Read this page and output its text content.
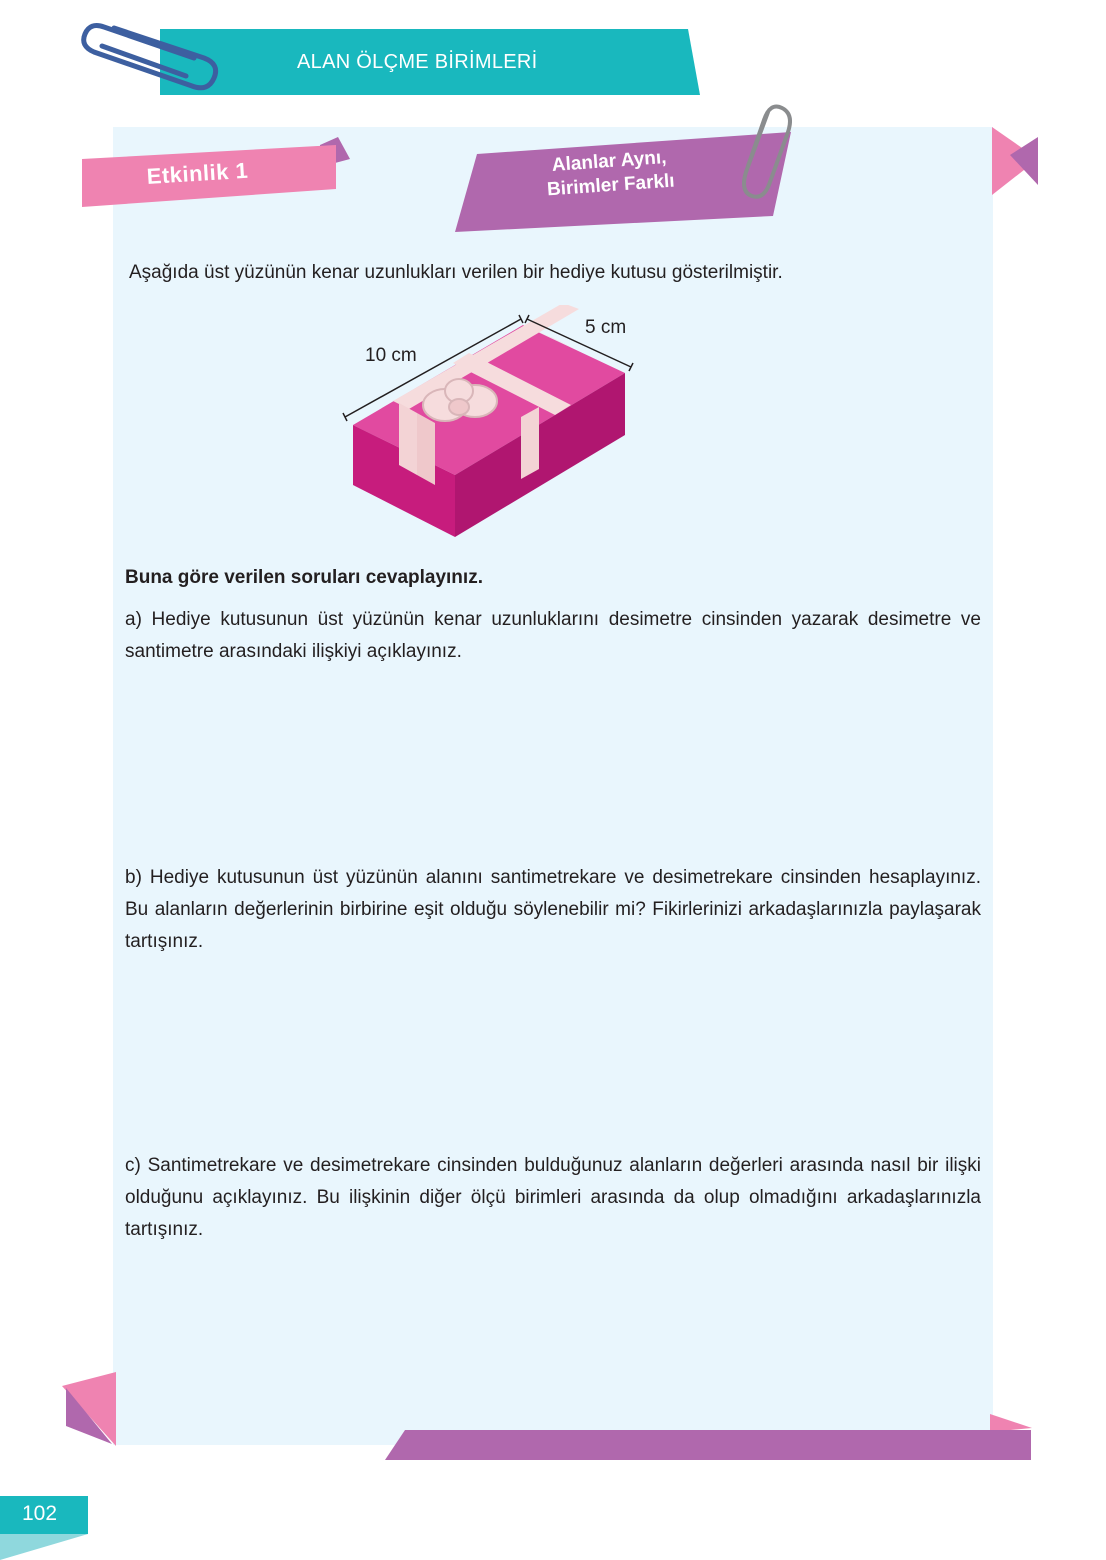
ALAN ÖLÇME BİRİMLERİ
Etkinlik 1	Alanlar Aynı,
Birimler Farklı
Aşağıda üst yüzünün kenar uzunlukları verilen bir hediye kutusu gösterilmiştir.
10 cm
5 cm
Buna göre verilen soruları cevaplayınız.
a) Hediye kutusunun üst yüzünün kenar uzunluklarını desimetre cinsinden yazarak desimetre ve santimetre arasındaki ilişkiyi açıklayınız.
b) Hediye kutusunun üst yüzünün alanını santimetrekare ve desimetrekare cinsinden hesaplayınız. Bu alanların değerlerinin birbirine eşit olduğu söylenebilir mi? Fikirlerinizi arkadaşlarınızla paylaşarak tartışınız.
c) Santimetrekare ve desimetrekare cinsinden bulduğunuz alanların değerleri arasında nasıl bir ilişki olduğunu açıklayınız. Bu ilişkinin diğer ölçü birimleri arasında da olup olmadığını arkadaşlarınızla tartışınız.
102
